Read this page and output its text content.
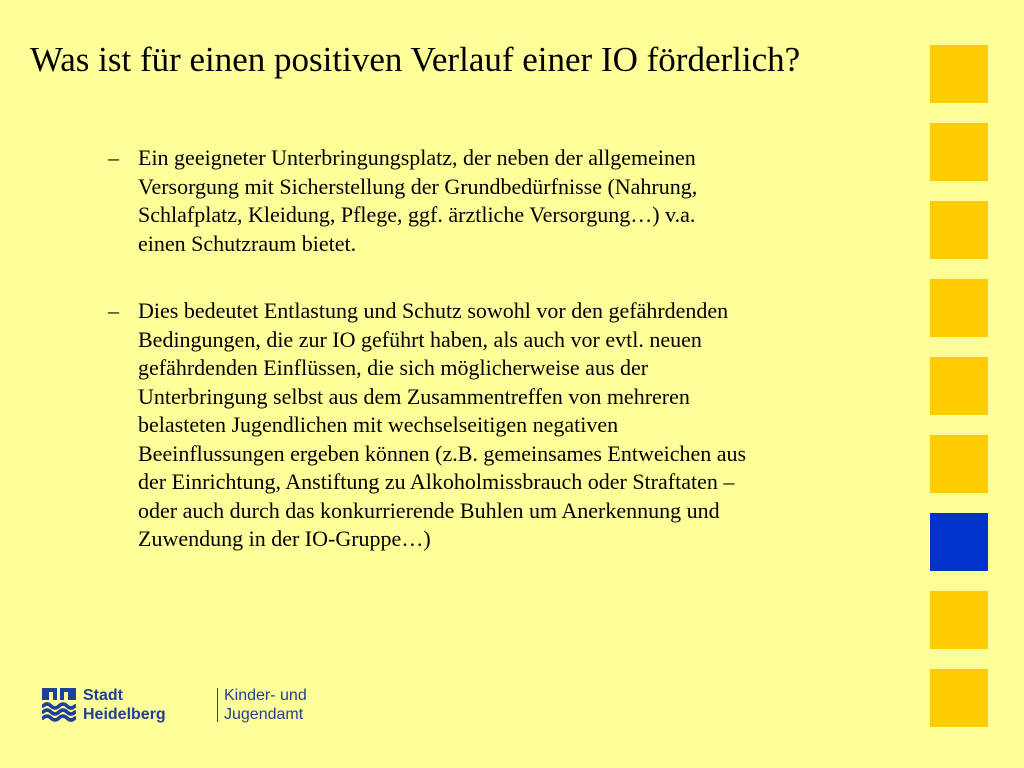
Was ist für einen positiven Verlauf einer IO förderlich?
– Ein geeigneter Unterbringungsplatz, der neben der allgemeinen
Versorgung mit Sicherstellung der Grundbedürfnisse (Nahrung,
Schlafplatz, Kleidung, Pflege, ggf. ärztliche Versorgung…) v.a.
einen Schutzraum bietet.
– Dies bedeutet Entlastung und Schutz sowohl vor den gefährdenden
Bedingungen, die zur IO geführt haben, als auch vor evtl. neuen
gefährdenden Einflüssen, die sich möglicherweise aus der
Unterbringung selbst aus dem Zusammentreffen von mehreren
belasteten Jugendlichen mit wechselseitigen negativen
Beeinflussungen ergeben können (z.B. gemeinsames Entweichen aus
der Einrichtung, Anstiftung zu Alkoholmissbrauch oder Straftaten –
oder auch durch das konkurrierende Buhlen um Anerkennung und
Zuwendung in der IO-Gruppe…)
Stadt
Heidelberg
Kinder- und
Jugendamt
